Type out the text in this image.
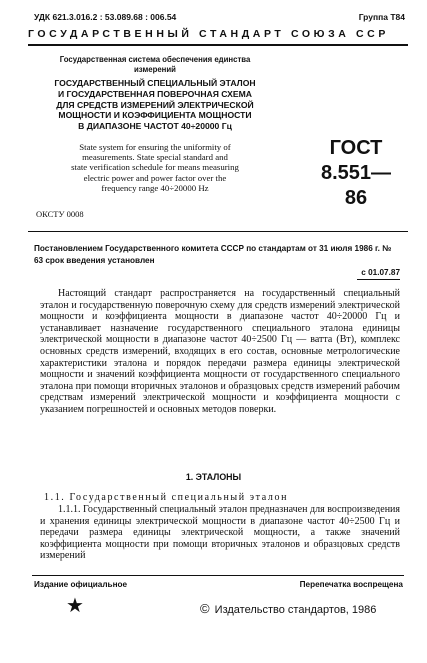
УДК 621.3.016.2 : 53.089.68 : 006.54	Группа Т84
ГОСУДАРСТВЕННЫЙ СТАНДАРТ СОЮЗА ССР
Государственная система обеспечения единства
измерений
ГОСУДАРСТВЕННЫЙ СПЕЦИАЛЬНЫЙ ЭТАЛОН
И ГОСУДАРСТВЕННАЯ ПОВЕРОЧНАЯ СХЕМА
ДЛЯ СРЕДСТВ ИЗМЕРЕНИЙ ЭЛЕКТРИЧЕСКОЙ
МОЩНОСТИ И КОЭФФИЦИЕНТА МОЩНОСТИ
В ДИАПАЗОНЕ ЧАСТОТ 40÷20000 Гц
State system for ensuring the uniformity of
measurements. State special standard and
state verification schedule for means measuring
electric power and power factor over the
frequency range 40÷20000 Hz
ОКСТУ 0008
ГОСТ
8.551—86
Постановлением Государственного комитета СССР по стандартам от 31 июля 1986 г. № 63 срок введения установлен
с 01.07.87
Настоящий стандарт распространяется на государственный специальный эталон и государственную поверочную схему для средств измерений электрической мощности и коэффициента мощности в диапазоне частот 40÷20000 Гц и устанавливает назначение государственного специального эталона единицы электрической мощности в диапазоне частот 40÷2500 Гц — ватта (Вт), комплекс основных средств измерений, входящих в его состав, основные метрологические характеристики эталона и порядок передачи размера единицы электрической мощности и значений коэффициента мощности от государственного специального эталона при помощи вторичных эталонов и образцовых средств измерений рабочим средствам измерений электрической мощности и коэффициента мощности с указанием погрешностей и основных методов поверки.
1. ЭТАЛОНЫ
1.1. Государственный специальный эталон
1.1.1. Государственный специальный эталон предназначен для воспроизведения и хранения единицы электрической мощности в диапазоне частот 40÷2500 Гц и передачи размера единицы электрической мощности, а также значений коэффициента мощности при помощи вторичных эталонов и образцовых средств измерений
Издание официальное	Перепечатка воспрещена
★	© Издательство стандартов, 1986
